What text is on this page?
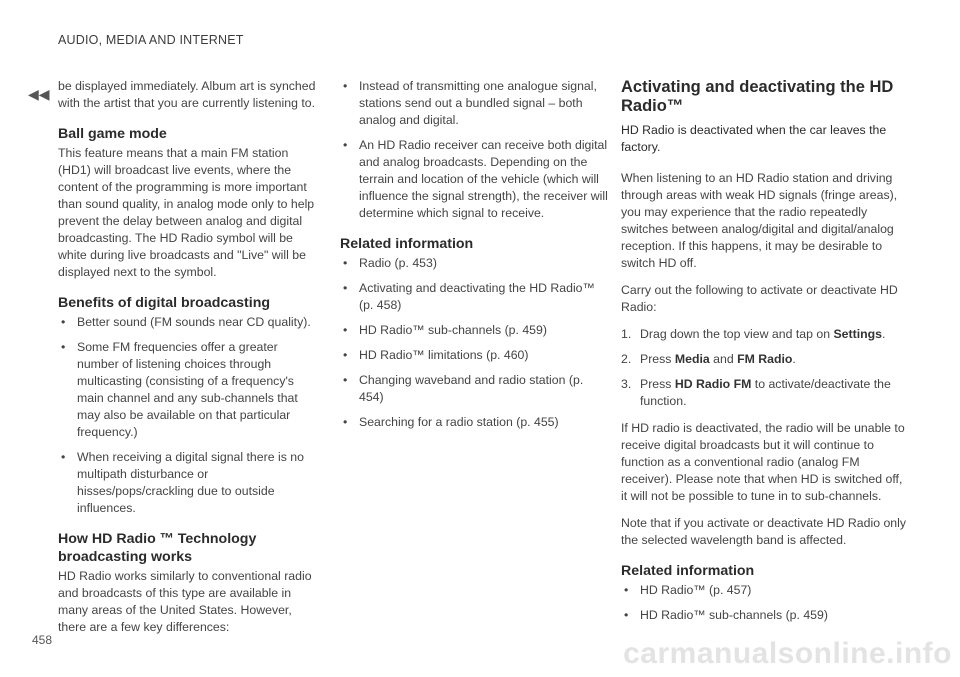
AUDIO, MEDIA AND INTERNET
◀◀ be displayed immediately. Album art is synched with the artist that you are currently listening to.

Ball game mode

This feature means that a main FM station (HD1) will broadcast live events, where the content of the programming is more important than sound quality, in analog mode only to help prevent the delay between analog and digital broadcasting. The HD Radio symbol will be white during live broadcasts and "Live" will be displayed next to the symbol.

Benefits of digital broadcasting
• Better sound (FM sounds near CD quality).
• Some FM frequencies offer a greater number of listening choices through multicasting (consisting of a frequency's main channel and any sub-channels that may also be available on that particular frequency.)
• When receiving a digital signal there is no multipath disturbance or hisses/pops/crackling due to outside influences.
How HD Radio ™ Technology broadcasting works

HD Radio works similarly to conventional radio and broadcasts of this type are available in many areas of the United States. However, there are a few key differences:

• Instead of transmitting one analogue signal, stations send out a bundled signal – both analog and digital.
• An HD Radio receiver can receive both digital and analog broadcasts. Depending on the terrain and location of the vehicle (which will influence the signal strength), the receiver will determine which signal to receive.
Related information
• Radio (p. 453)
• Activating and deactivating the HD Radio™ (p. 458)
• HD Radio™ sub-channels (p. 459)
• HD Radio™ limitations (p. 460)
• Changing waveband and radio station (p. 454)
• Searching for a radio station (p. 455)
Activating and deactivating the HD Radio™

HD Radio is deactivated when the car leaves the factory.

When listening to an HD Radio station and driving through areas with weak HD signals (fringe areas), you may experience that the radio repeatedly switches between analog/digital and digital/analog reception. If this happens, it may be desirable to switch HD off.

Carry out the following to activate or deactivate HD Radio:

1. Drag down the top view and tap on Settings.
2. Press Media and FM Radio.
3. Press HD Radio FM to activate/deactivate the function.

If HD radio is deactivated, the radio will be unable to receive digital broadcasts but it will continue to function as a conventional radio (analog FM receiver). Please note that when HD is switched off, it will not be possible to tune in to sub-channels.

Note that if you activate or deactivate HD Radio only the selected wavelength band is affected.

Related information
• HD Radio™ (p. 457)
• HD Radio™ sub-channels (p. 459)
458	carmanualsonline.info
